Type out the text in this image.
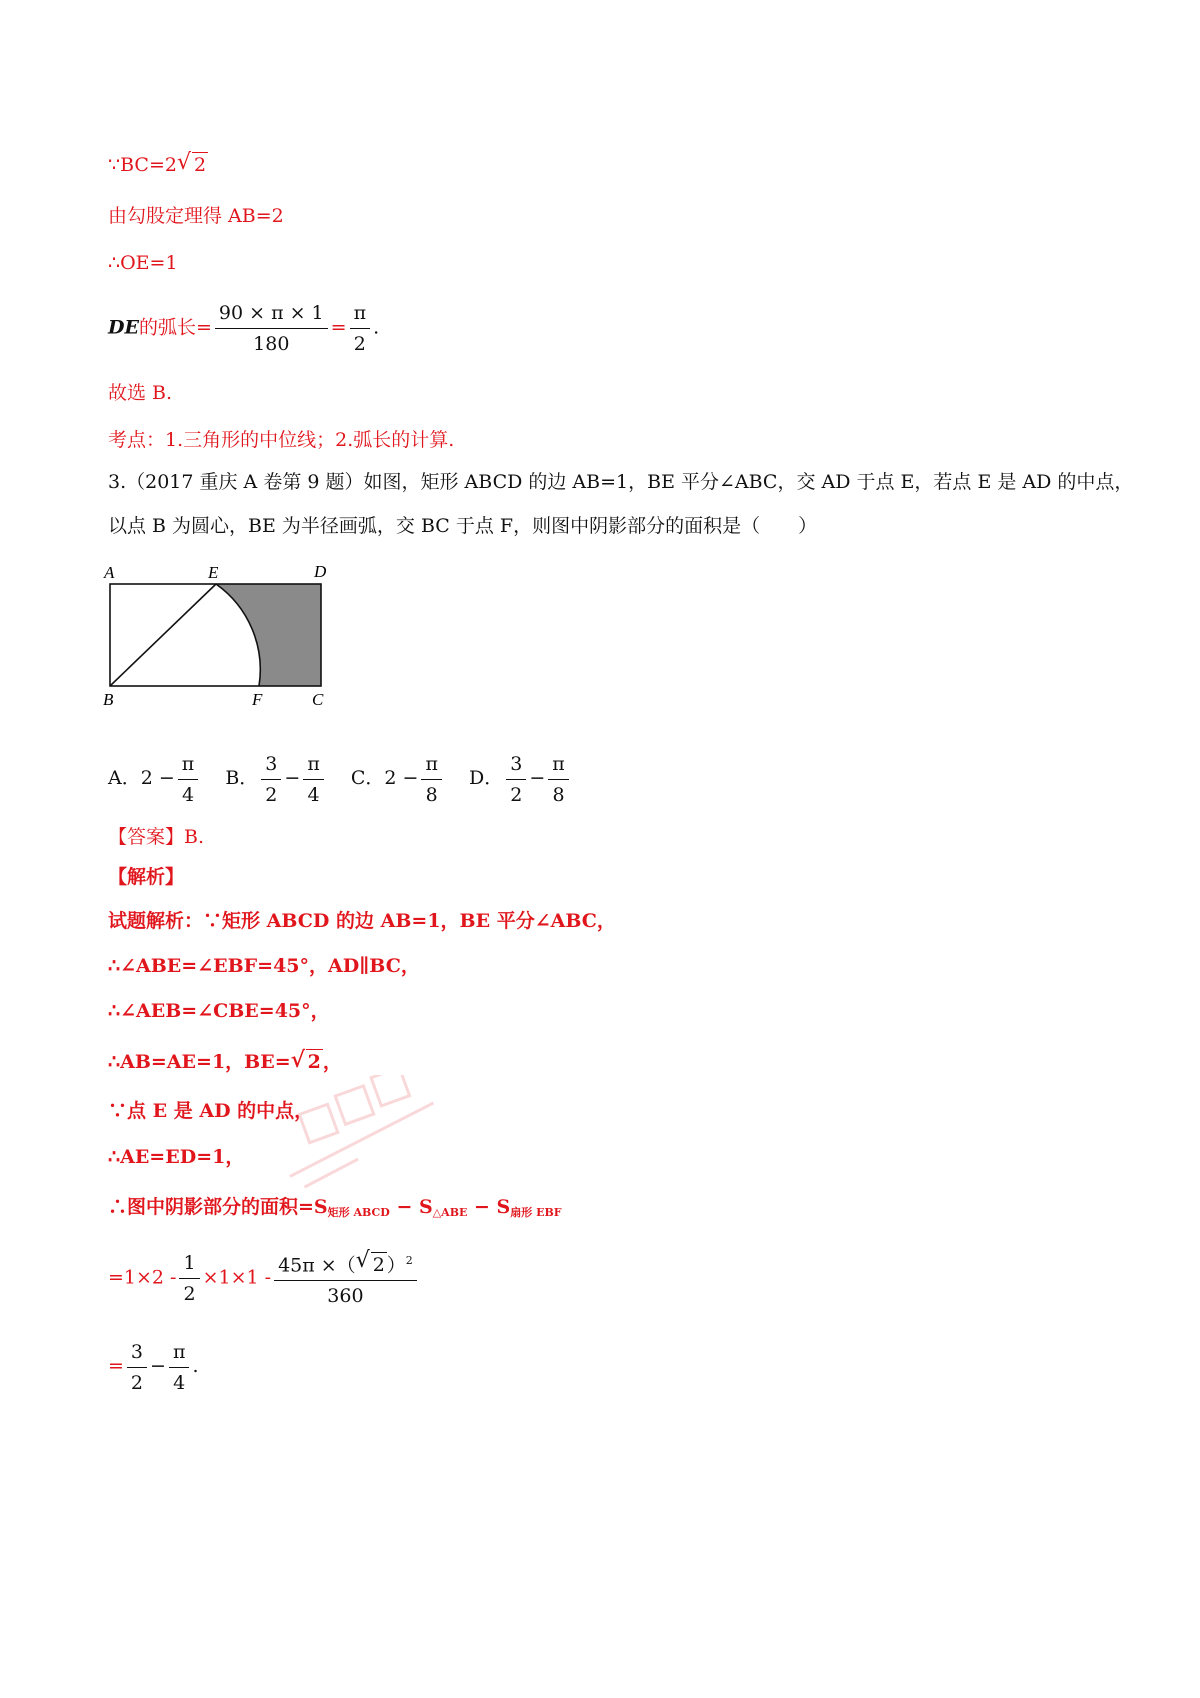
∵BC=2 √ 2
由勾股定理得 AB=2
∴OE=1
DE的弧长= $\frac{90 \times \pi \times 1}{180} = \frac{\pi}{2}$ .
故选 B.
考点：1.三角形的中位线；2.弧长的计算.
3.（2017 重庆 A 卷第 9 题）如图，矩形 ABCD 的边 AB=1，BE 平分∠ABC，交 AD 于点 E，若点 E 是 AD 的中点，
以点 B 为圆心，BE 为半径画弧，交 BC 于点 F，则图中阴影部分的面积是（　　）
A	E	D
B	F	C
A．$2 - \frac{\pi}{4}$ B． $\frac{3}{2} - \frac{\pi}{4}$ C．$2 - \frac{\pi}{8}$ D． $\frac{3}{2} - \frac{\pi}{8}$
【答案】B.
【解析】
试题解析：∵矩形 ABCD 的边 AB=1，BE 平分∠ABC，
∴∠ABE=∠EBF=45°，AD∥BC，
∴∠AEB=∠CBE=45°，
∴AB=AE=1，BE= √ 2 ，
∵点 E 是 AD 的中点，
∴AE=ED=1，
∴图中阴影部分的面积$=S_{矩形 ABCD} - S_{\triangle ABE} - S_{扇形 EBF}$
$=1\times 2 - \frac{1}{2} \times 1\times 1 - \frac{45\pi \times( √ 2 )^2}{360}$
= $\frac{3}{2} - \frac{\pi}{4}$ .
